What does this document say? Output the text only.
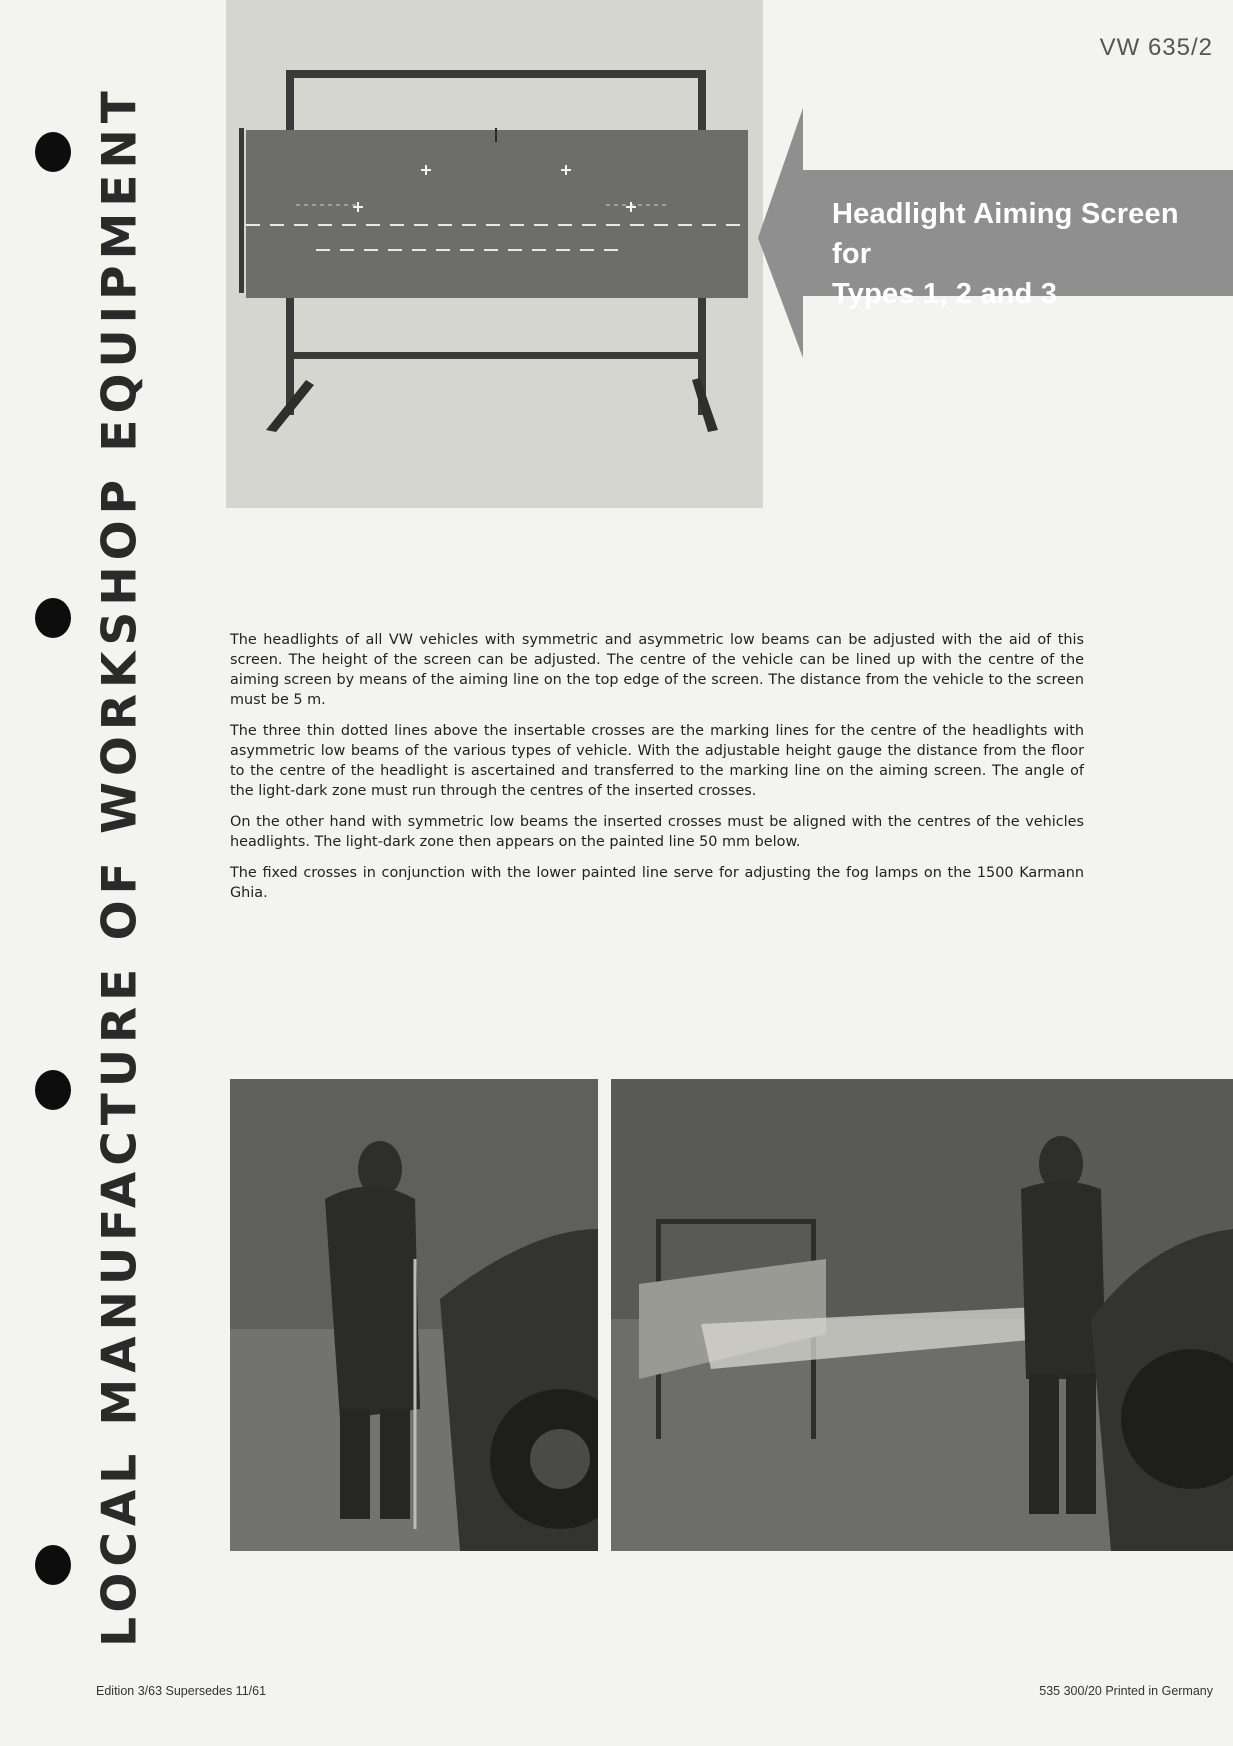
VW 635/2
LOCAL MANUFACTURE OF WORKSHOP EQUIPMENT	Headlight Aiming Screen for
Types 1, 2 and 3

The headlights of all VW vehicles with symmetric and asymmetric low beams can be adjusted with the aid of this screen. The height of the screen can be adjusted. The centre of the vehicle can be lined up with the centre of the aiming screen by means of the aiming line on the top edge of the screen. The distance from the vehicle to the screen must be 5 m.

The three thin dotted lines above the insertable crosses are the marking lines for the centre of the headlights with asymmetric low beams of the various types of vehicle. With the adjustable height gauge the distance from the floor to the centre of the headlight is ascertained and transferred to the marking line on the aiming screen. The angle of the light-dark zone must run through the centres of the inserted crosses.

On the other hand with symmetric low beams the inserted crosses must be aligned with the centres of the vehicles headlights. The light-dark zone then appears on the painted line 50 mm below.

The fixed crosses in conjunction with the lower painted line serve for adjusting the fog lamps on the 1500 Karmann Ghia.

Edition 3/63 Supersedes 11/61	535 300/20 Printed in Germany
